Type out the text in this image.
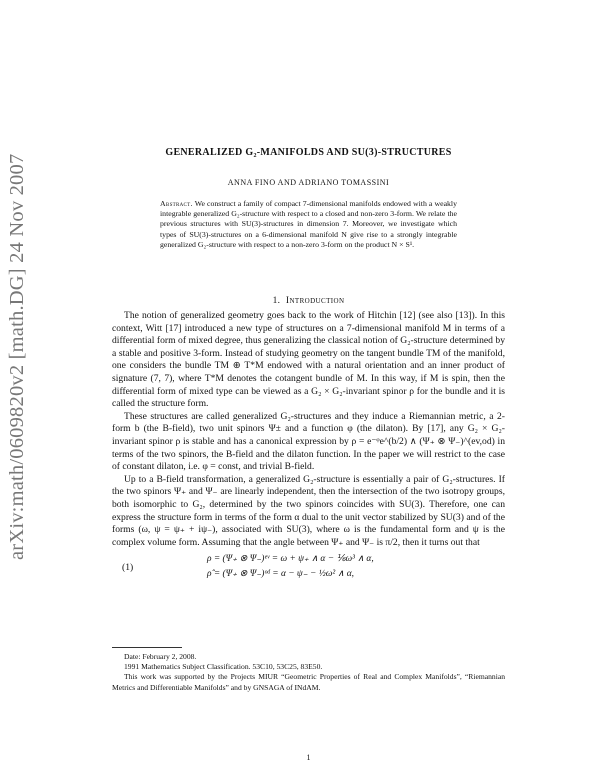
arXiv:math/0609820v2 [math.DG] 24 Nov 2007
GENERALIZED G₂-MANIFOLDS AND SU(3)-STRUCTURES
ANNA FINO AND ADRIANO TOMASSINI
Abstract. We construct a family of compact 7-dimensional manifolds endowed with a weakly integrable generalized G₂-structure with respect to a closed and non-zero 3-form. We relate the previous structures with SU(3)-structures in dimension 7. Moreover, we investigate which types of SU(3)-structures on a 6-dimensional manifold N give rise to a strongly integrable generalized G₂-structure with respect to a non-zero 3-form on the product N × S¹.
1. Introduction

The notion of generalized geometry goes back to the work of Hitchin [12] (see also [13]). In this context, Witt [17] introduced a new type of structures on a 7-dimensional manifold M in terms of a differential form of mixed degree, thus generalizing the classical notion of G₂-structure determined by a stable and positive 3-form. Instead of studying geometry on the tangent bundle TM of the manifold, one considers the bundle TM ⊕ T*M endowed with a natural orientation and an inner product of signature (7, 7), where T*M denotes the cotangent bundle of M. In this way, if M is spin, then the differential form of mixed type can be viewed as a G₂ × G₂-invariant spinor ρ for the bundle and it is called the structure form.

These structures are called generalized G₂-structures and they induce a Riemannian metric, a 2-form b (the B-field), two unit spinors Ψ± and a function φ (the dilaton). By [17], any G₂ × G₂-invariant spinor ρ is stable and has a canonical expression by ρ = e⁻ᵠe^(b/2) ∧ (Ψ₊ ⊗ Ψ₋)^(ev,od) in terms of the two spinors, the B-field and the dilaton function. In the paper we will restrict to the case of constant dilaton, i.e. φ = const, and trivial B-field.

Up to a B-field transformation, a generalized G₂-structure is essentially a pair of G₂-structures. If the two spinors Ψ₊ and Ψ₋ are linearly independent, then the intersection of the two isotropy groups, both isomorphic to G₂, determined by the two spinors coincides with SU(3). Therefore, one can express the structure form in terms of the form α dual to the unit vector stabilized by SU(3) and of the forms (ω, ψ = ψ₊ + iψ₋), associated with SU(3), where ω is the fundamental form and ψ is the complex volume form. Assuming that the angle between Ψ₊ and Ψ₋ is π/2, then it turns out that

(1)
ρ = (Ψ₊ ⊗ Ψ₋)ᵉᵛ = ω + ψ₊ ∧ α − ⅙ω³ ∧ α,
ρ̂ = (Ψ₊ ⊗ Ψ₋)ᵒᵈ = α − ψ₋ − ½ω² ∧ α,

Date: February 2, 2008.

1991 Mathematics Subject Classification. 53C10, 53C25, 83E50.

This work was supported by the Projects MIUR “Geometric Properties of Real and Complex Manifolds”, “Riemannian Metrics and Differentiable Manifolds” and by GNSAGA of INdAM.

1
